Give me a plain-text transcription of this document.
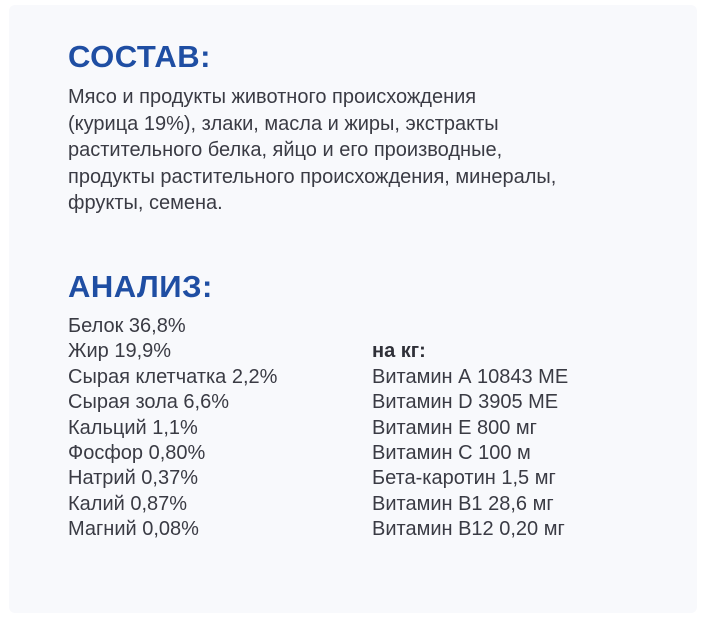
СОСТАВ:

Мясо и продукты животного происхождения
(курица 19%), злаки, масла и жиры, экстракты
растительного белка, яйцо и его производные,
продукты растительного происхождения, минералы,
фрукты, семена.

АНАЛИЗ:
Белок 36,8%
Жир 19,9%
Сырая клетчатка 2,2%
Сырая зола 6,6%
Кальций 1,1%
Фосфор 0,80%
Натрий 0,37%
Калий 0,87%
Магний 0,08%
на кг:
Витамин А 10843 МЕ
Витамин D 3905 МЕ
Витамин Е 800 мг
Витамин С 100 м
Бета-каротин 1,5 мг
Витамин В1 28,6 мг
Витамин В12 0,20 мг
